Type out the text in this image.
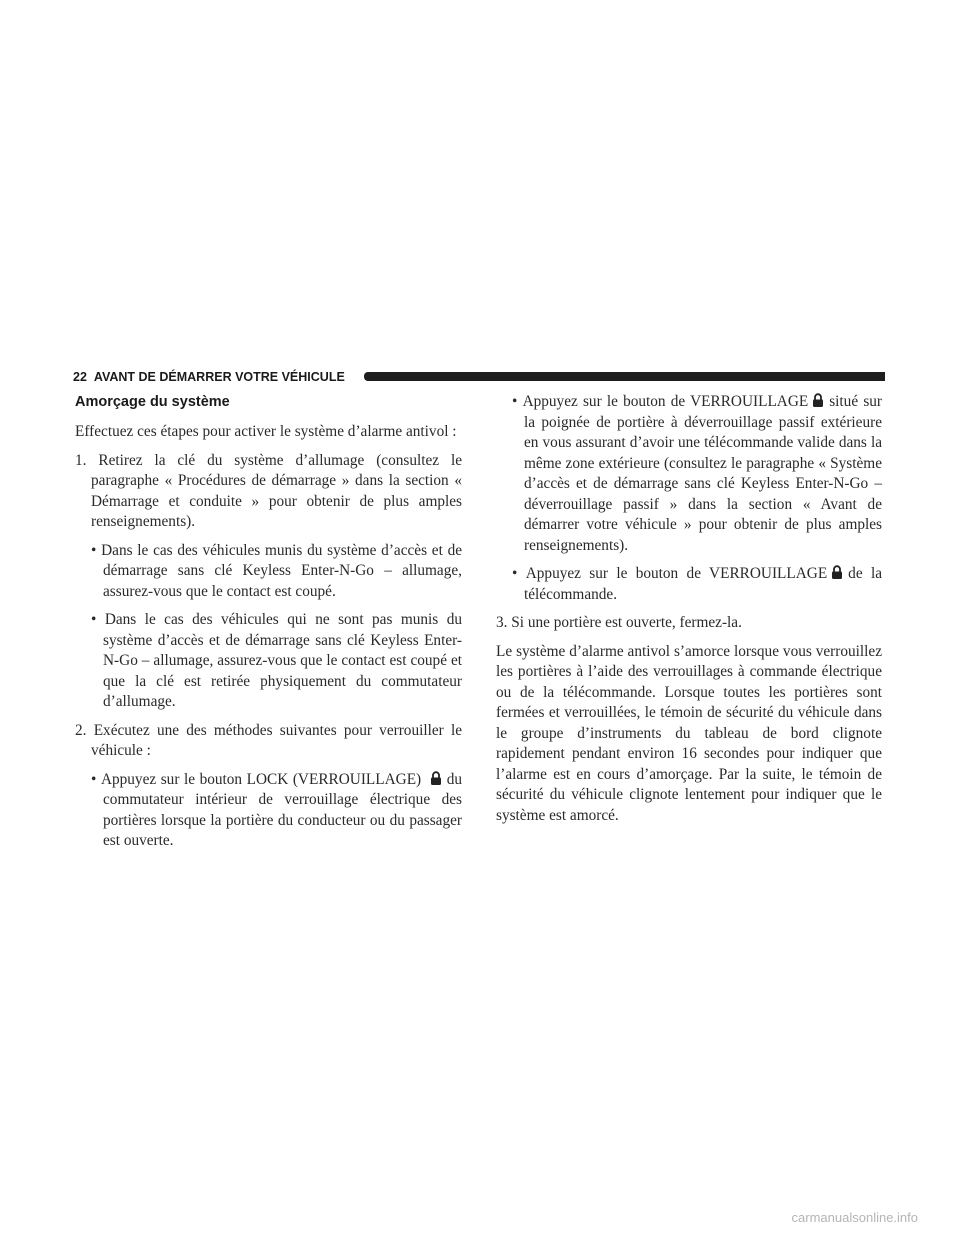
22 AVANT DE DÉMARRER VOTRE VÉHICULE
Amorçage du système

Effectuez ces étapes pour activer le système d’alarme antivol :

1. Retirez la clé du système d’allumage (consultez le paragraphe « Procédures de démarrage » dans la section « Démarrage et conduite » pour obtenir de plus amples renseignements).

• Dans le cas des véhicules munis du système d’accès et de démarrage sans clé Keyless Enter-N-Go – allumage, assurez-vous que le contact est coupé.

• Dans le cas des véhicules qui ne sont pas munis du système d’accès et de démarrage sans clé Keyless Enter-N-Go – allumage, assurez-vous que le contact est coupé et que la clé est retirée physiquement du commutateur d’allumage.

2. Exécutez une des méthodes suivantes pour verrouiller le véhicule :

• Appuyez sur le bouton LOCK (VERROUILLAGE) du commutateur intérieur de verrouillage électrique des portières lorsque la portière du conducteur ou du passager est ouverte.

• Appuyez sur le bouton de VERROUILLAGE situé sur la poignée de portière à déverrouillage passif extérieure en vous assurant d’avoir une télécommande valide dans la même zone extérieure (consultez le paragraphe « Système d’accès et de démarrage sans clé Keyless Enter-N-Go – déverrouillage passif » dans la section « Avant de démarrer votre véhicule » pour obtenir de plus amples renseignements).

• Appuyez sur le bouton de VERROUILLAGE de la télécommande.

3. Si une portière est ouverte, fermez-la.

Le système d’alarme antivol s’amorce lorsque vous verrouillez les portières à l’aide des verrouillages à commande électrique ou de la télécommande. Lorsque toutes les portières sont fermées et verrouillées, le témoin de sécurité du véhicule dans le groupe d’instruments du tableau de bord clignote rapidement pendant environ 16 secondes pour indiquer que l’alarme est en cours d’amorçage. Par la suite, le témoin de sécurité du véhicule clignote lentement pour indiquer que le système est amorcé.

carmanualsonline.info
